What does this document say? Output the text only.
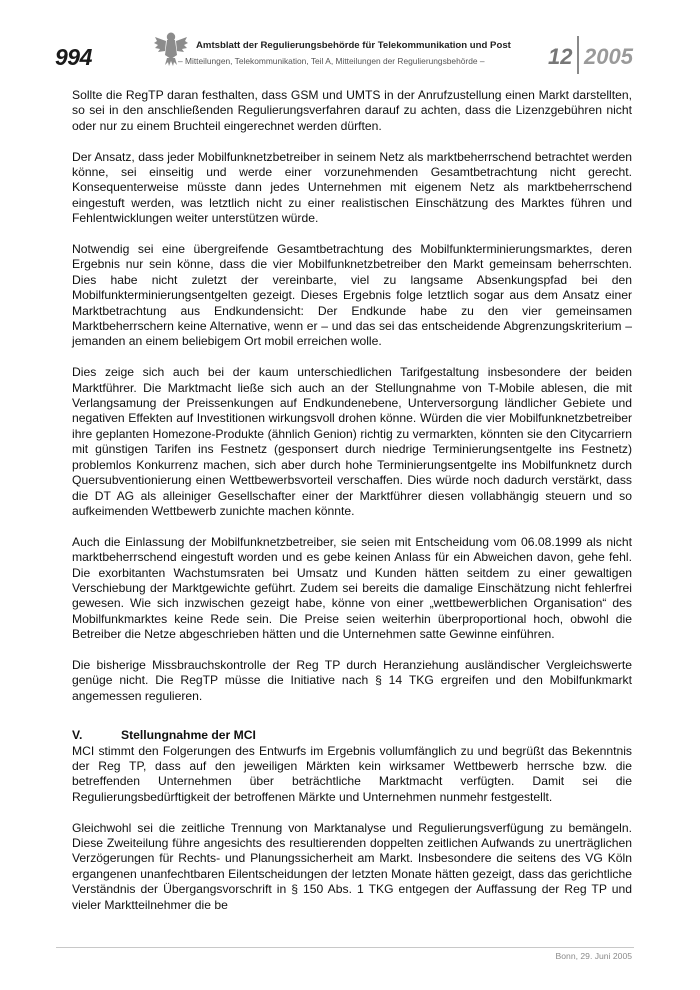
994	Amtsblatt der Regulierungsbehörde für Telekommunikation und Post
– Mitteilungen, Telekommunikation, Teil A, Mitteilungen der Regulierungsbehörde –	12 2005

Sollte die RegTP daran festhalten, dass GSM und UMTS in der Anrufzustellung einen Markt darstellten, so sei in den anschließenden Regulierungsverfahren darauf zu achten, dass die Lizenzgebühren nicht oder nur zu einem Bruchteil eingerechnet werden dürften.

Der Ansatz, dass jeder Mobilfunknetzbetreiber in seinem Netz als marktbeherrschend betrachtet werden könne, sei einseitig und werde einer vorzunehmenden Gesamtbetrachtung nicht gerecht. Konsequenterweise müsste dann jedes Unternehmen mit eigenem Netz als marktbeherrschend eingestuft werden, was letztlich nicht zu einer realistischen Einschätzung des Marktes führen und Fehlentwicklungen weiter unterstützen würde.

Notwendig sei eine übergreifende Gesamtbetrachtung des Mobilfunkterminierungsmarktes, deren Ergebnis nur sein könne, dass die vier Mobilfunknetzbetreiber den Markt gemeinsam beherrschten. Dies habe nicht zuletzt der vereinbarte, viel zu langsame Absenkungspfad bei den Mobilfunkterminierungsentgelten gezeigt. Dieses Ergebnis folge letztlich sogar aus dem Ansatz einer Marktbetrachtung aus Endkundensicht: Der Endkunde habe zu den vier gemeinsamen Marktbeherrschern keine Alternative, wenn er – und das sei das entscheidende Abgrenzungskriterium – jemanden an einem beliebigem Ort mobil erreichen wolle.

Dies zeige sich auch bei der kaum unterschiedlichen Tarifgestaltung insbesondere der beiden Marktführer. Die Marktmacht ließe sich auch an der Stellungnahme von T-Mobile ablesen, die mit Verlangsamung der Preissenkungen auf Endkundenebene, Unterversorgung ländlicher Gebiete und negativen Effekten auf Investitionen wirkungsvoll drohen könne. Würden die vier Mobilfunknetzbetreiber ihre geplanten Homezone-Produkte (ähnlich Genion) richtig zu vermarkten, könnten sie den Citycarriern mit günstigen Tarifen ins Festnetz (gesponsert durch niedrige Terminierungsentgelte ins Festnetz) problemlos Konkurrenz machen, sich aber durch hohe Terminierungsentgelte ins Mobilfunknetz durch Quersubventionierung einen Wettbewerbsvorteil verschaffen. Dies würde noch dadurch verstärkt, dass die DT AG als alleiniger Gesellschafter einer der Marktführer diesen vollabhängig steuern und so aufkeimenden Wettbewerb zunichte machen könnte.

Auch die Einlassung der Mobilfunknetzbetreiber, sie seien mit Entscheidung vom 06.08.1999 als nicht marktbeherrschend eingestuft worden und es gebe keinen Anlass für ein Abweichen davon, gehe fehl. Die exorbitanten Wachstumsraten bei Umsatz und Kunden hätten seitdem zu einer gewaltigen Verschiebung der Marktgewichte geführt. Zudem sei bereits die damalige Einschätzung nicht fehlerfrei gewesen. Wie sich inzwischen gezeigt habe, könne von einer „wettbewerblichen Organisation“ des Mobilfunkmarktes keine Rede sein. Die Preise seien weiterhin überproportional hoch, obwohl die Betreiber die Netze abgeschrieben hätten und die Unternehmen satte Gewinne einführen.

Die bisherige Missbrauchskontrolle der Reg TP durch Heranziehung ausländischer Vergleichswerte genüge nicht. Die RegTP müsse die Initiative nach § 14 TKG ergreifen und den Mobilfunkmarkt angemessen regulieren.

V.	Stellungnahme der MCI

MCI stimmt den Folgerungen des Entwurfs im Ergebnis vollumfänglich zu und begrüßt das Bekenntnis der Reg TP, dass auf den jeweiligen Märkten kein wirksamer Wettbewerb herrsche bzw. die betreffenden Unternehmen über beträchtliche Marktmacht verfügten. Damit sei die Regulierungsbedürftigkeit der betroffenen Märkte und Unternehmen nunmehr festgestellt.

Gleichwohl sei die zeitliche Trennung von Marktanalyse und Regulierungsverfügung zu bemängeln. Diese Zweiteilung führe angesichts des resultierenden doppelten zeitlichen Aufwands zu unerträglichen Verzögerungen für Rechts- und Planungssicherheit am Markt. Insbesondere die seitens des VG Köln ergangenen unanfechtbaren Eilentscheidungen der letzten Monate hätten gezeigt, dass das gerichtliche Verständnis der Übergangsvorschrift in § 150 Abs. 1 TKG entgegen der Auffassung der Reg TP und vieler Marktteilnehmer die be

Bonn, 29. Juni 2005
